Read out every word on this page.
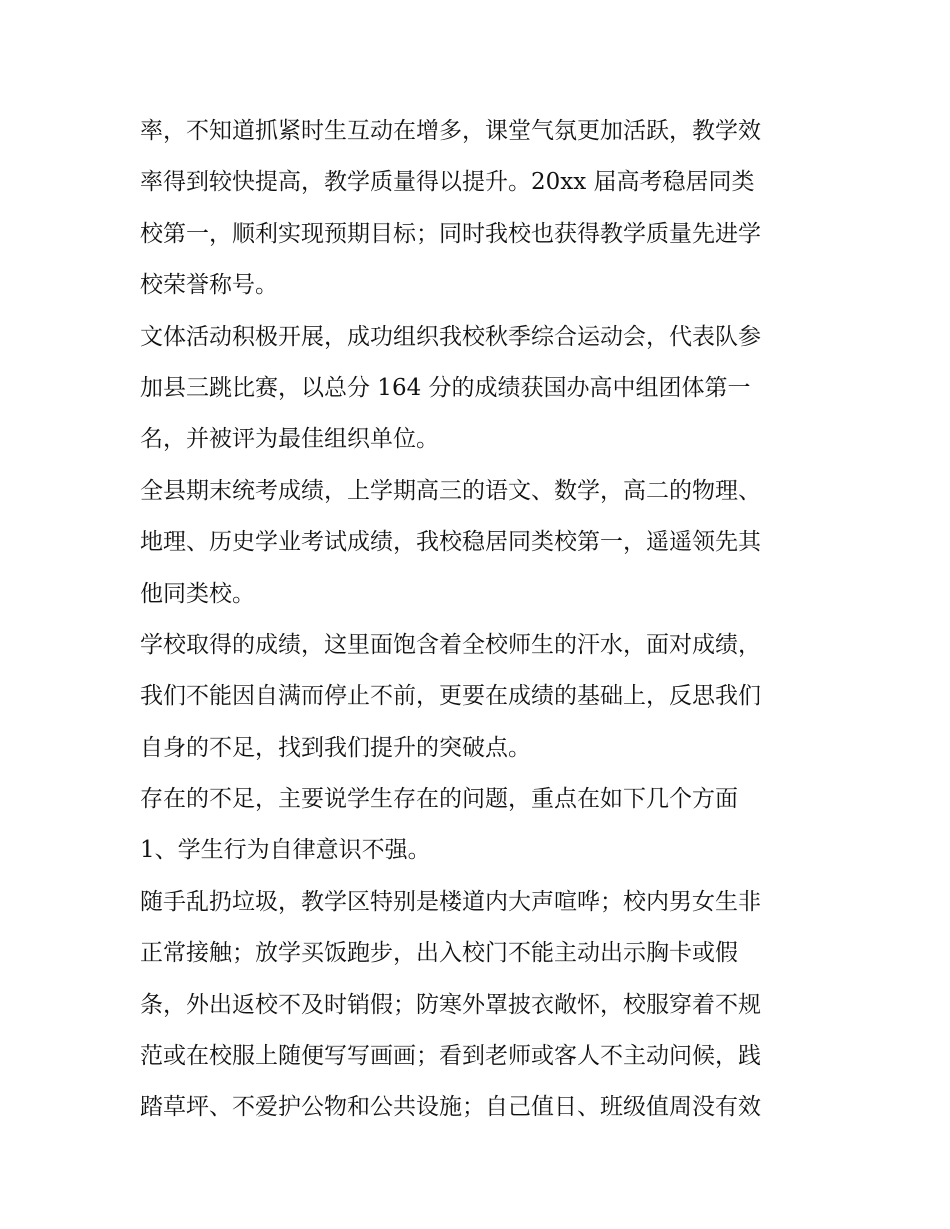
率，不知道抓紧时生互动在增多，课堂气氛更加活跃，教学效
率得到较快提高，教学质量得以提升。20xx 届高考稳居同类
校第一，顺利实现预期目标；同时我校也获得教学质量先进学
校荣誉称号。
文体活动积极开展，成功组织我校秋季综合运动会，代表队参
加县三跳比赛，以总分 164 分的成绩获国办高中组团体第一
名，并被评为最佳组织单位。
全县期末统考成绩，上学期高三的语文、数学，高二的物理、
地理、历史学业考试成绩，我校稳居同类校第一，遥遥领先其
他同类校。
学校取得的成绩，这里面饱含着全校师生的汗水，面对成绩，
我们不能因自满而停止不前，更要在成绩的基础上，反思我们
自身的不足，找到我们提升的突破点。
存在的不足，主要说学生存在的问题，重点在如下几个方面
1、学生行为自律意识不强。
随手乱扔垃圾，教学区特别是楼道内大声喧哗；校内男女生非
正常接触；放学买饭跑步，出入校门不能主动出示胸卡或假
条，外出返校不及时销假；防寒外罩披衣敞怀，校服穿着不规
范或在校服上随便写写画画；看到老师或客人不主动问候，践
踏草坪、不爱护公物和公共设施；自己值日、班级值周没有效
